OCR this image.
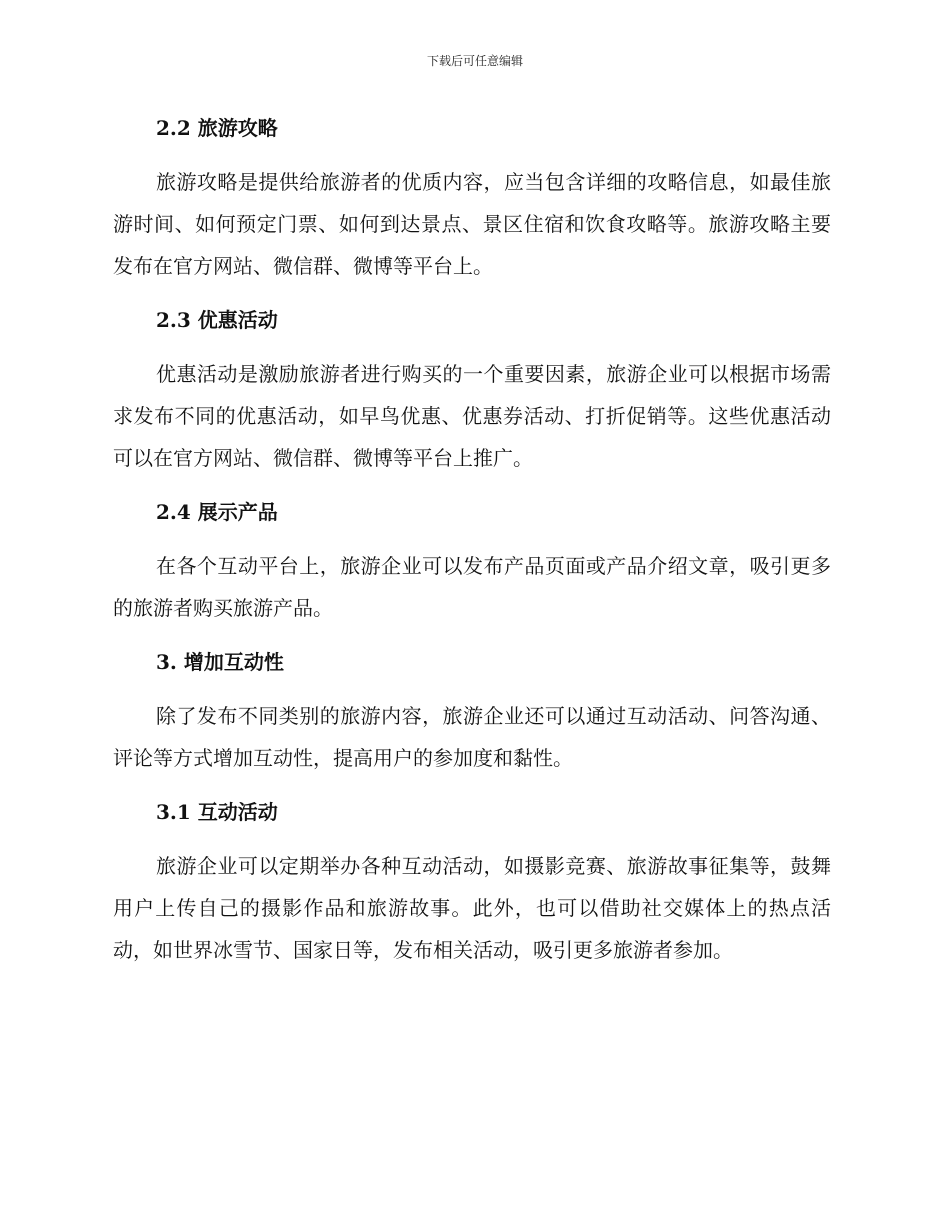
下载后可任意编辑
2.2 旅游攻略

旅游攻略是提供给旅游者的优质内容，应当包含详细的攻略信息，如最佳旅游时间、如何预定门票、如何到达景点、景区住宿和饮食攻略等。旅游攻略主要发布在官方网站、微信群、微博等平台上。

2.3 优惠活动

优惠活动是激励旅游者进行购买的一个重要因素，旅游企业可以根据市场需求发布不同的优惠活动，如早鸟优惠、优惠券活动、打折促销等。这些优惠活动可以在官方网站、微信群、微博等平台上推广。

2.4 展示产品

在各个互动平台上，旅游企业可以发布产品页面或产品介绍文章，吸引更多的旅游者购买旅游产品。

3. 增加互动性

除了发布不同类别的旅游内容，旅游企业还可以通过互动活动、问答沟通、评论等方式增加互动性，提高用户的参加度和黏性。

3.1 互动活动

旅游企业可以定期举办各种互动活动，如摄影竞赛、旅游故事征集等，鼓舞用户上传自己的摄影作品和旅游故事。此外，也可以借助社交媒体上的热点活动，如世界冰雪节、国家日等，发布相关活动，吸引更多旅游者参加。
